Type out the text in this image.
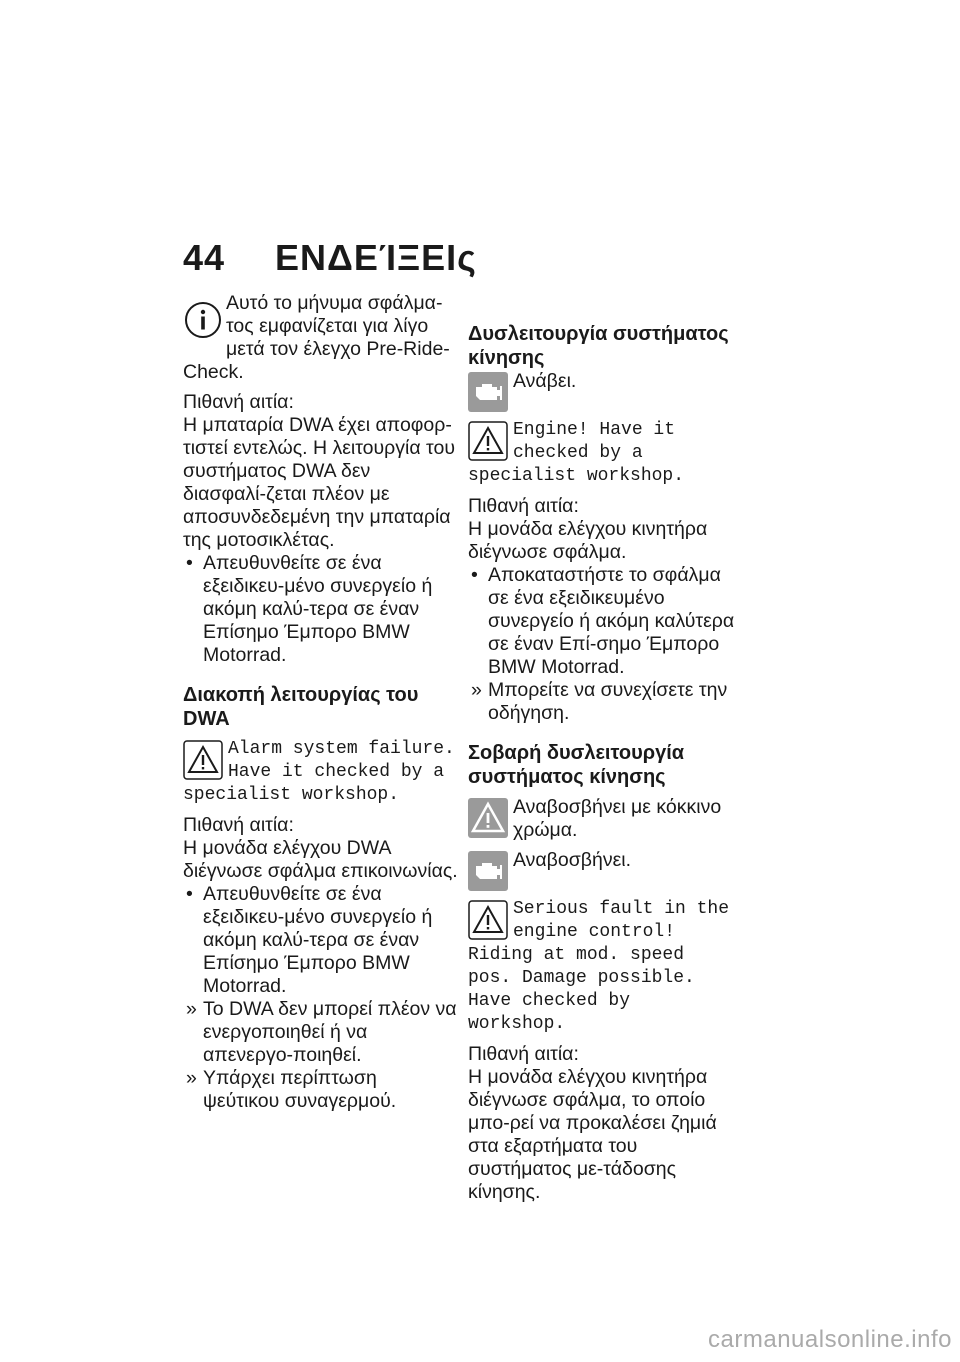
44 ΕΝΔΕΊΞΕΙς

Αυτό το μήνυμα σφάλμα-τος εμφανίζεται για λίγο μετά τον έλεγχο Pre-Ride-Check.

Πιθανή αιτία:

Η μπαταρία DWA έχει αποφορ-τιστεί εντελώς. Η λειτουργία του συστήματος DWA δεν διασφαλί-ζεται πλέον με αποσυνδεδεμένη την μπαταρία της μοτοσικλέτας.

• Απευθυνθείτε σε ένα εξειδικευ-μένο συνεργείο ή ακόμη καλύ-τερα σε έναν Επίσημο Έμπορο BMW Motorrad.

Διακοπή λειτουργίας του DWA

Alarm system failure. Have it checked by a specialist workshop.

Πιθανή αιτία:

Η μονάδα ελέγχου DWA διέγνωσε σφάλμα επικοινωνίας.

• Απευθυνθείτε σε ένα εξειδικευ-μένο συνεργείο ή ακόμη καλύ-τερα σε έναν Επίσημο Έμπορο BMW Motorrad.
» Το DWA δεν μπορεί πλέον να ενεργοποιηθεί ή να απενεργο-ποιηθεί.
» Υπάρχει περίπτωση ψεύτικου συναγερμού.

Δυσλειτουργία συστήματος κίνησης

Ανάβει.

Engine! Have it checked by a specialist workshop.

Πιθανή αιτία:

Η μονάδα ελέγχου κινητήρα διέγνωσε σφάλμα.

• Αποκαταστήστε το σφάλμα σε ένα εξειδικευμένο συνεργείο ή ακόμη καλύτερα σε έναν Επί-σημο Έμπορο BMW Motorrad.
» Μπορείτε να συνεχίσετε την οδήγηση.

Σοβαρή δυσλειτουργία συστήματος κίνησης

Αναβοσβήνει με κόκκινο χρώμα.

Αναβοσβήνει.

Serious fault in the engine control! Riding at mod. speed pos. Damage possible. Have checked by workshop.

Πιθανή αιτία:

Η μονάδα ελέγχου κινητήρα διέγνωσε σφάλμα, το οποίο μπο-ρεί να προκαλέσει ζημιά στα εξαρτήματα του συστήματος με-τάδοσης κίνησης.

carmanualsonline.info
